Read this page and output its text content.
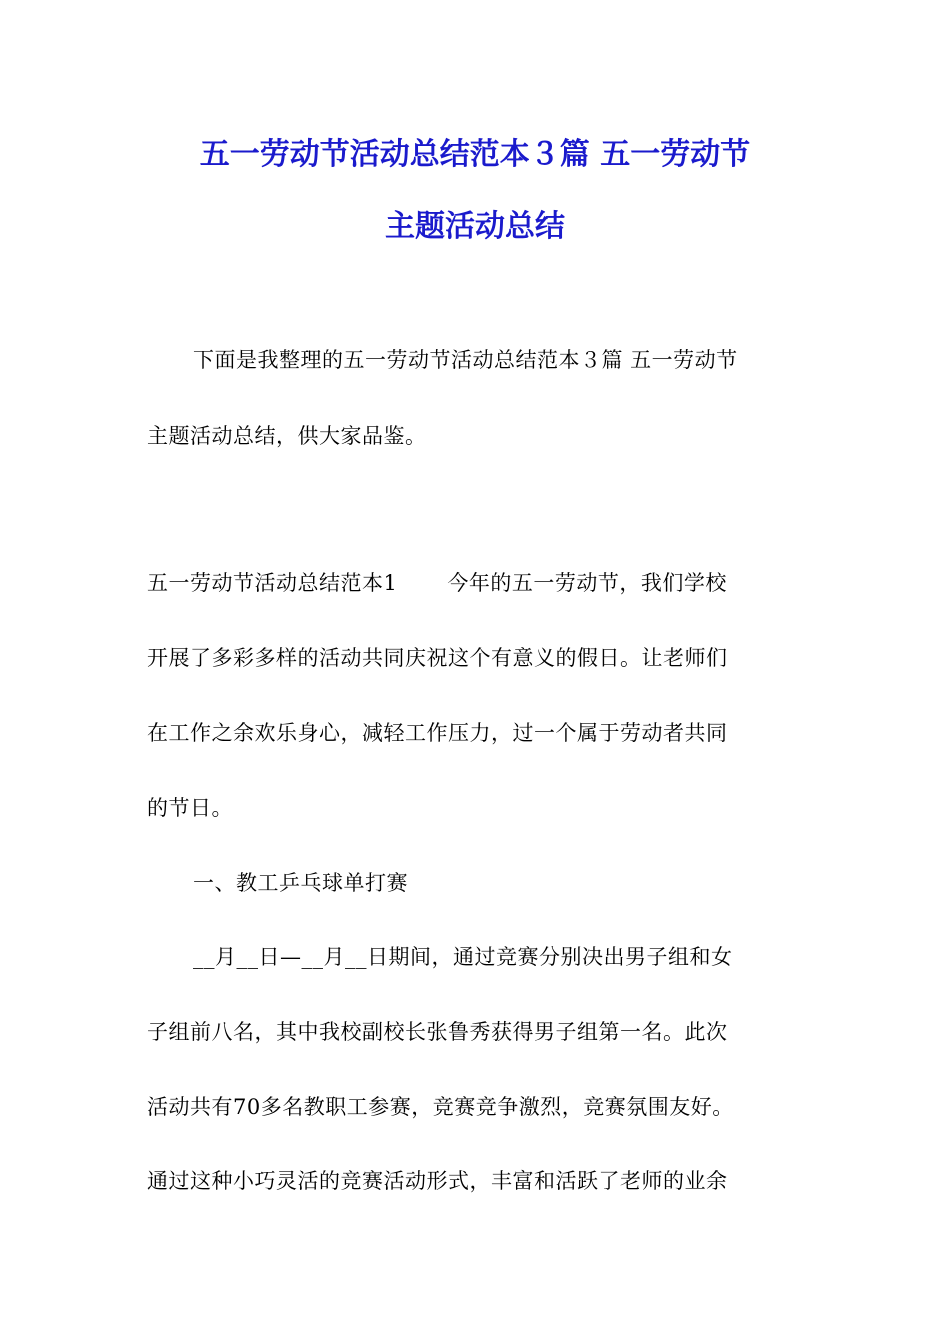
五一劳动节活动总结范本３篇 五一劳动节
主题活动总结

下面是我整理的五一劳动节活动总结范本３篇 五一劳动节

主题活动总结，供大家品鉴。

五一劳动节活动总结范本1 今年的五一劳动节，我们学校

开展了多彩多样的活动共同庆祝这个有意义的假日。让老师们

在工作之余欢乐身心，减轻工作压力，过一个属于劳动者共同

的节日。

一、教工乒乓球单打赛

__月__日—__月__日期间，通过竞赛分别决出男子组和女

子组前八名，其中我校副校长张鲁秀获得男子组第一名。此次

活动共有70多名教职工参赛，竞赛竞争激烈，竞赛氛围友好。

通过这种小巧灵活的竞赛活动形式，丰富和活跃了老师的业余
